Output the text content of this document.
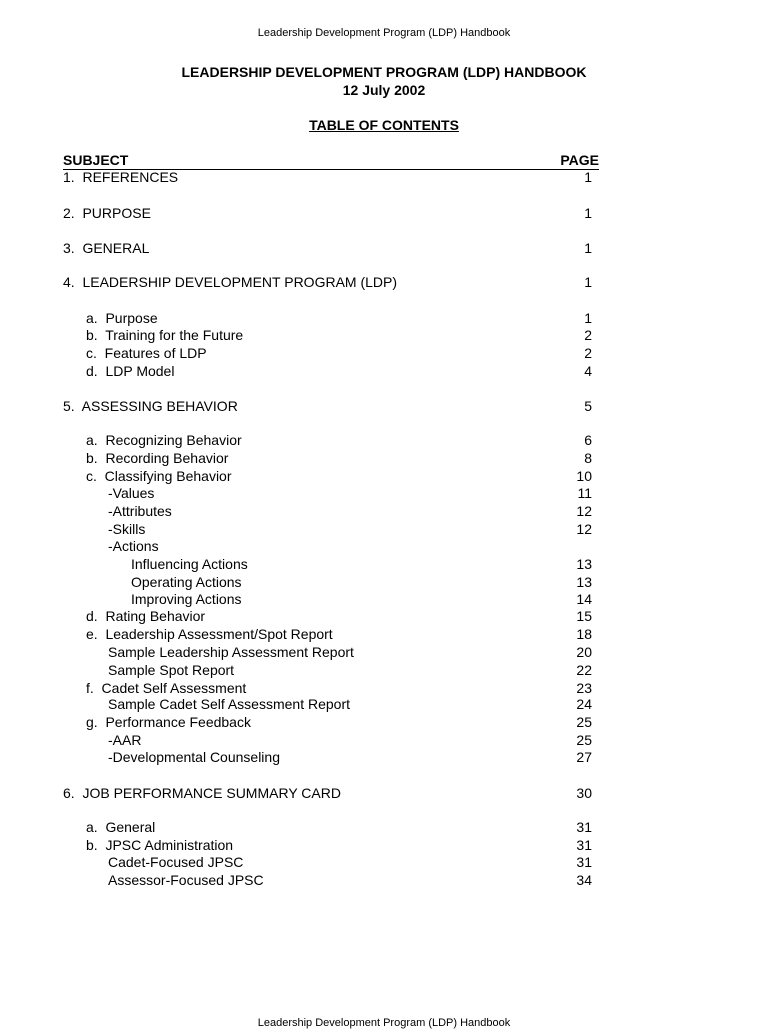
Leadership Development Program (LDP) Handbook
LEADERSHIP DEVELOPMENT PROGRAM (LDP) HANDBOOK
12 July 2002
TABLE OF CONTENTS
SUBJECT	PAGE
1.  REFERENCES	1
2.  PURPOSE	1
3.  GENERAL	1
4.  LEADERSHIP DEVELOPMENT PROGRAM (LDP)	1
a.  Purpose	1
b.  Training for the Future	2
c.  Features of LDP	2
d.  LDP Model	4
5.  ASSESSING BEHAVIOR	5
a.  Recognizing Behavior	6
b.  Recording Behavior	8
c.  Classifying Behavior	10
-Values	11
-Attributes	12
-Skills	12
-Actions
Influencing Actions	13
Operating Actions	13
Improving Actions	14
d.  Rating Behavior	15
e.  Leadership Assessment/Spot Report	18
Sample Leadership Assessment Report	20
Sample Spot Report	22
f.  Cadet Self Assessment	23
Sample Cadet Self Assessment Report	24
g.  Performance Feedback	25
-AAR	25
-Developmental Counseling	27
6.  JOB PERFORMANCE SUMMARY CARD	30
a.  General	31
b.  JPSC Administration	31
Cadet-Focused JPSC	31
Assessor-Focused JPSC	34
Leadership Development Program (LDP) Handbook
